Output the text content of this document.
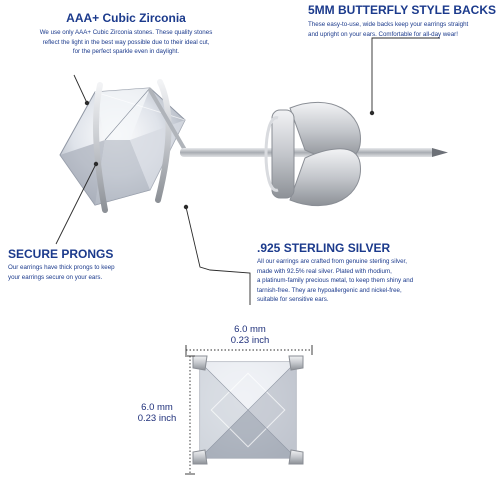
AAA+ Cubic Zirconia
We use only AAA+ Cubic Zirconia stones. These quality stones
reflect the light in the best way possible due to their ideal cut,
for the perfect sparkle even in daylight.
5MM BUTTERFLY STYLE BACKS
These easy-to-use, wide backs keep your earrings straight
and upright on your ears. Comfortable for all-day wear!
SECURE PRONGS
Our earrings have thick prongs to keep
your earrings secure on your ears.
.925 STERLING SILVER
All our earrings are crafted from genuine sterling silver,
made with 92.5% real silver. Plated with rhodium,
a platinum-family precious metal, to keep them shiny and
tarnish-free. They are hypoallergenic and nickel-free,
suitable for sensitive ears.
6.0 mm
0.23 inch
6.0 mm
0.23 inch
